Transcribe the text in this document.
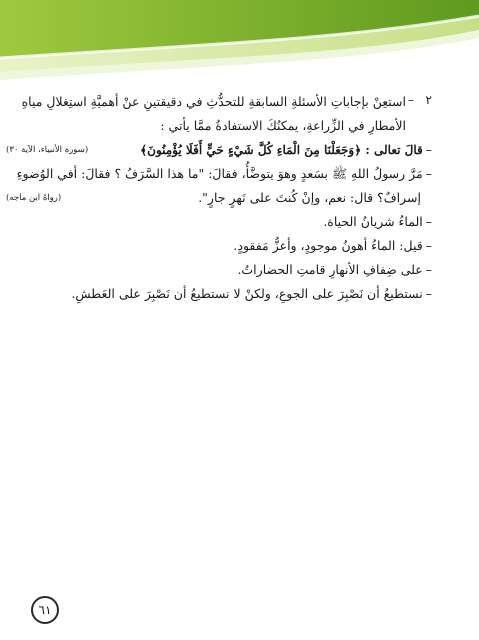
٢
–
استعِنْ بإجاباتِ الأسئلةِ السابقةِ للتحدُّثِ في دقيقتينِ عنْ أهميَّةِ استِغلالِ مياهِ الأمطارِ في الزِّراعةِ، يمكنُكَ الاستفادةُ ممَّا يأتي :
–قالَ تعالى : ﴿وَجَعَلْنَا مِنَ الْمَاءِ كُلَّ شَيْءٍ حَيٍّ أَفَلَا يُؤْمِنُونَ﴾
(سورة الأنبياء، الآية ٣٠)
–مَرَّ رسولُ اللهِ ﷺ بسَعدٍ وهوَ يتوضَّأُ، فقالَ: "ما هذا السَّرَفُ ؟ فقالَ: أفي الوُضوءِ
إسرافٌ؟ قال: نعم، وإنْ كُنتَ على نَهرٍ جارٍ".
(رواهُ ابن ماجه)
–الماءُ شريانُ الحياة.
–قيل: الماءُ أهونُ موجودٍ، وأعزُّ مَفقودٍ.
–على ضِفافِ الأنهارِ قامتِ الحضاراتُ.
–نستطيعُ أن نَصْبِرَ على الجوعِ، ولكنْ لا نستطيعُ أن نَصْبِرَ على العَطشِ.
٦١
